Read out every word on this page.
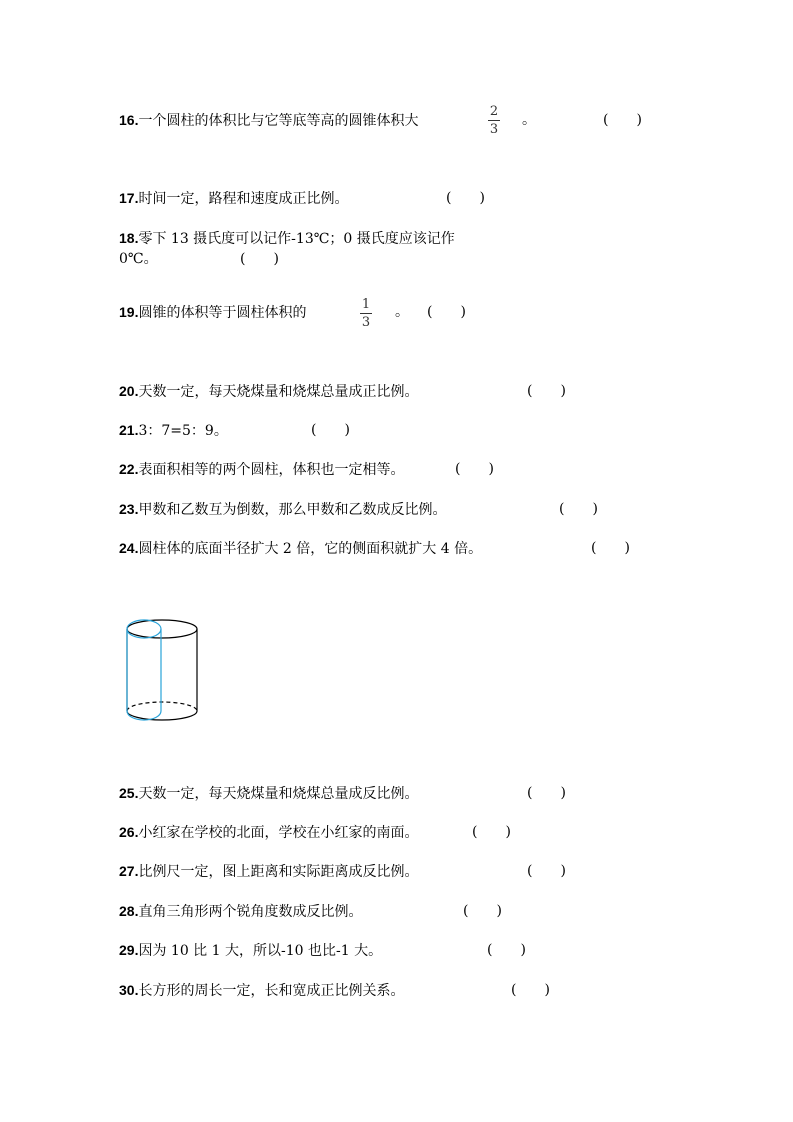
16.一个圆柱的体积比与它等底等高的圆锥体积大
2
3
。	(　　)
17.时间一定，路程和速度成正比例。	(　　)
18.零下 13 摄氏度可以记作-13℃；0 摄氏度应该记作
0℃。	(　　)
19.圆锥的体积等于圆柱体积的
1
3
。 (　　)
20.天数一定，每天烧煤量和烧煤总量成正比例。	(　　)
21.3：7=5：9。	(　　)
22.表面积相等的两个圆柱，体积也一定相等。	(　　)
23.甲数和乙数互为倒数，那么甲数和乙数成反比例。	(　　)
24.圆柱体的底面半径扩大 2 倍，它的侧面积就扩大 4 倍。	(　　)
25.天数一定，每天烧煤量和烧煤总量成反比例。	(　　)
26.小红家在学校的北面，学校在小红家的南面。	(　　)
27.比例尺一定，图上距离和实际距离成反比例。	(　　)
28.直角三角形两个锐角度数成反比例。	(　　)
29.因为 10 比 1 大，所以-10 也比-1 大。	(　　)
30.长方形的周长一定，长和宽成正比例关系。	(　　)
